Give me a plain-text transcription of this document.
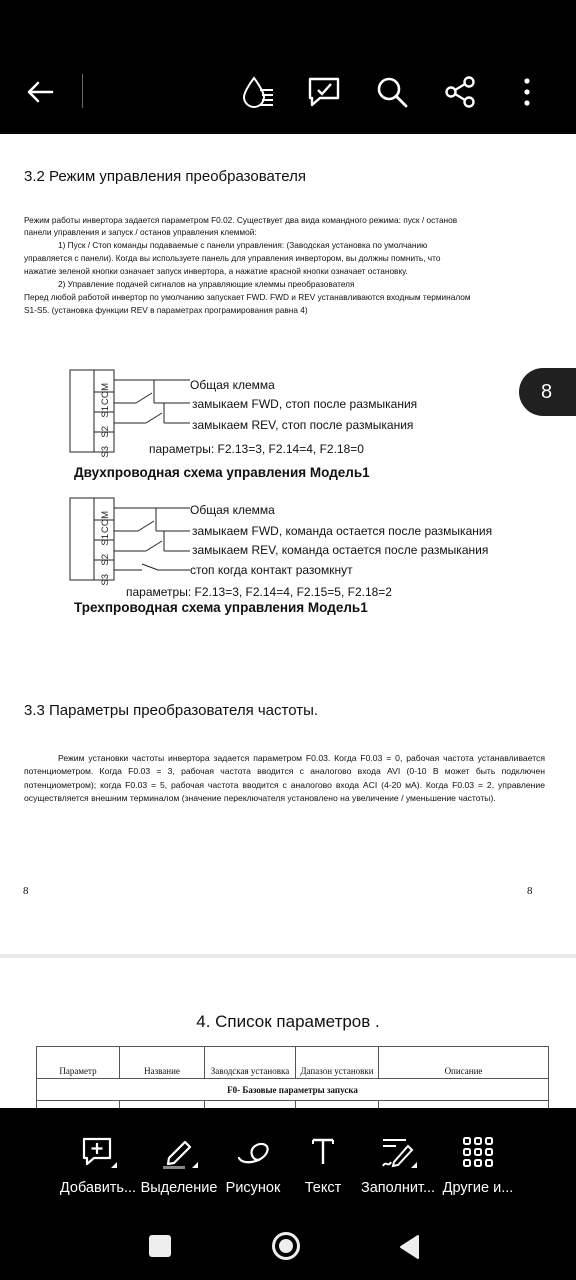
3.2 Режим управления преобразователя
Режим работы инвертора задается параметром F0.02. Существует два вида командного режима: пуск / останов
панели управления и запуск / останов управления клеммой:
1) Пуск / Стоп команды подаваемые с панели управления: (Заводская установка по умолчанию
управляется с панели). Когда вы используете панель для управления инвертором, вы должны помнить, что
нажатие зеленой кнопки означает запуск инвертора, а нажатие красной кнопки означает остановку.
2) Управление подачей сигналов на управляющие клеммы преобразователя
Перед любой работой инвертор по умолчанию запускает FWD. FWD и REV устанавливаются входным терминалом
S1-S5. (установка функции REV в параметрах програмирования равна 4)
COM
S1
S2
S3
Общая клемма
замыкаем FWD, стоп после размыкания
замыкаем REV, стоп после размыкания
параметры: F2.13=3, F2.14=4, F2.18=0
Двухпроводная схема управления Модель1
COM
S1
S2
S3
Общая клемма
замыкаем FWD, команда остается после размыкания
замыкаем REV, команда остается после размыкания
стоп когда контакт разомкнут
параметры: F2.13=3, F2.14=4, F2.15=5, F2.18=2
Трехпроводная схема управления Модель1
3.3 Параметры преобразователя частоты.
Режим установки частоты инвертора задается параметром F0.03. Когда F0.03 = 0, рабочая частота устанавливается потенциометром. Когда F0.03 = 3, рабочая частота вводится с аналогово входа AVI (0-10 В может быть подключен потенциометром); когда F0.03 = 5, рабочая частота вводится с аналогово входа ACI (4-20 мА). Когда F0.03 = 2, управление осуществляется внешним терминалом (значение переключателя установлено на увеличение / уменьшение частоты).
8	8
8
4. Список параметров .
Параметр	Название	Заводская установка	Дапазон установки	Описание
F0- Базовые параметры запуска				

Добавить... Выделение Рисунок	Текст	Заполнит... Другие и...
